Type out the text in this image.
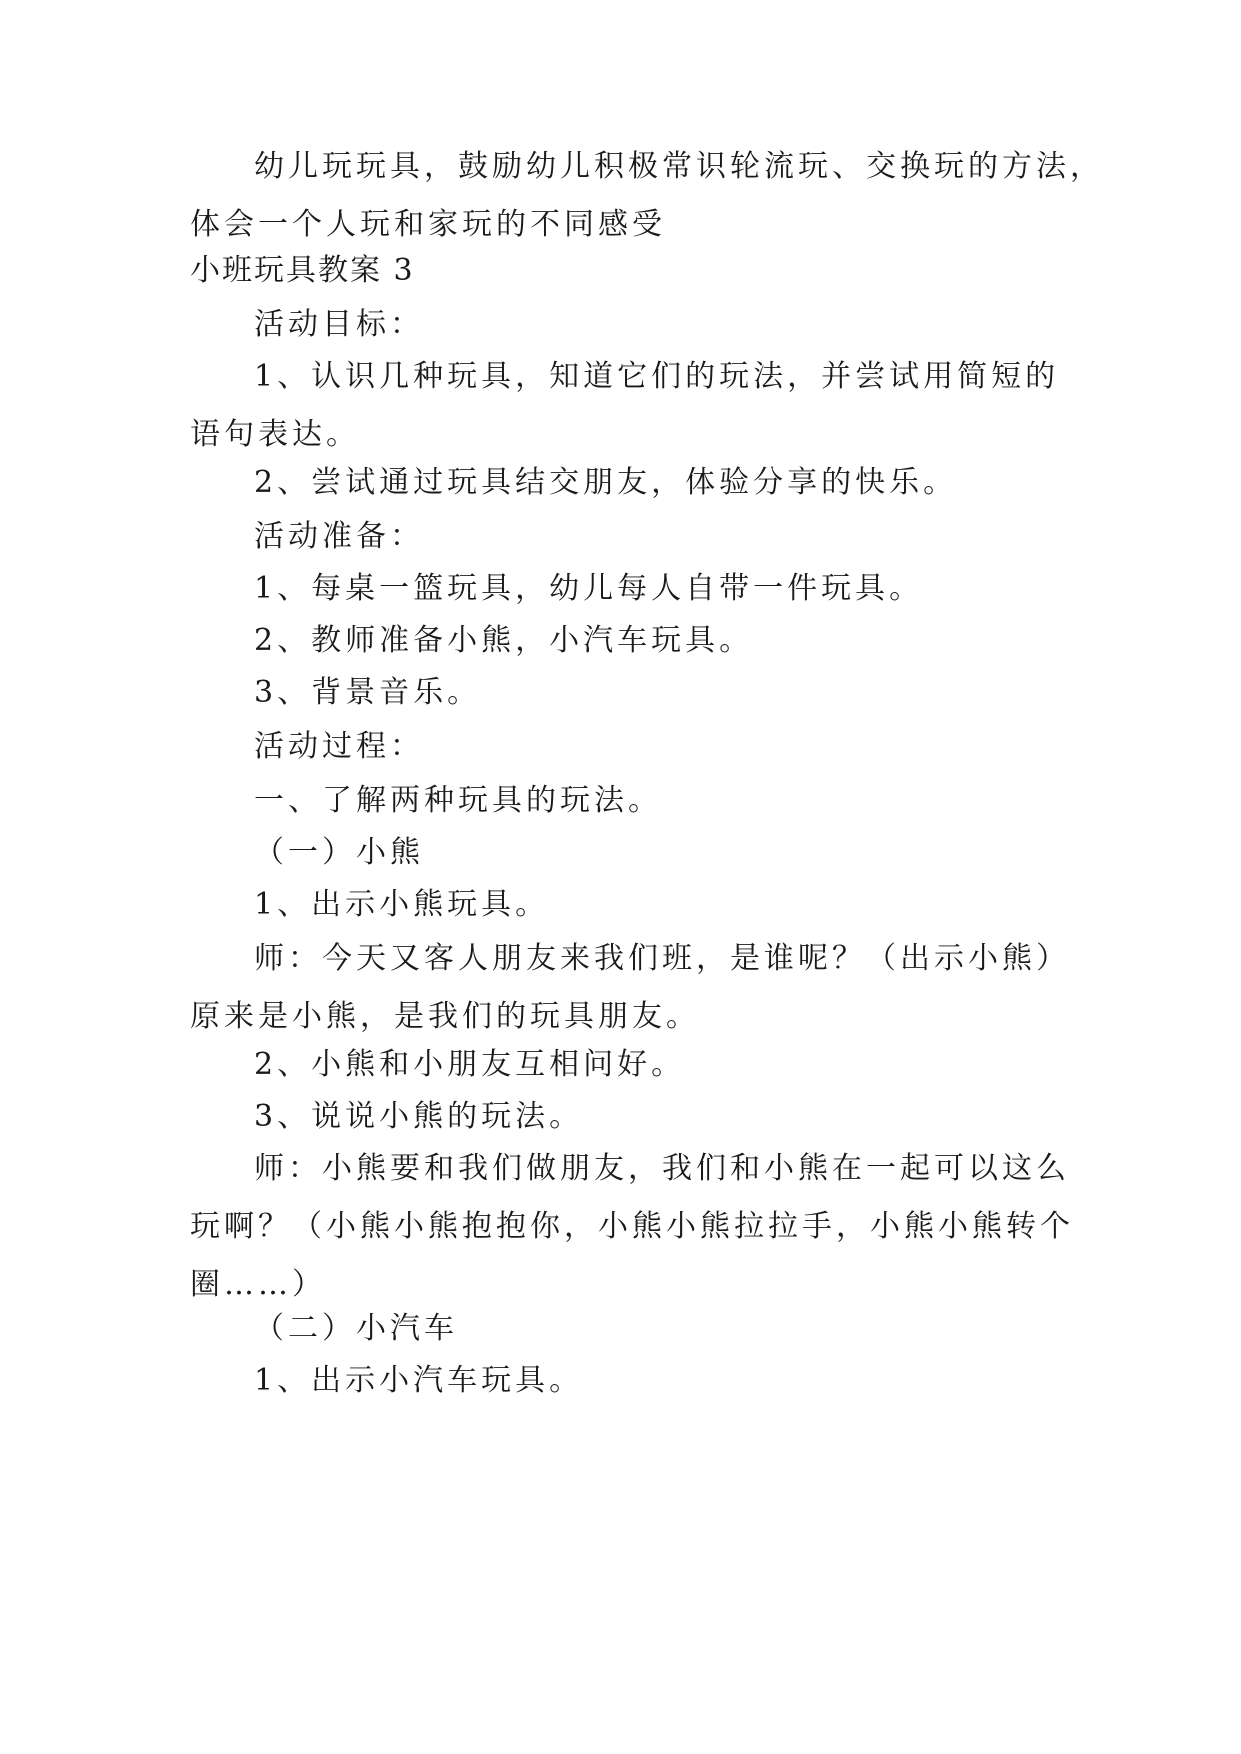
幼儿玩玩具，鼓励幼儿积极常识轮流玩、交换玩的方法，
体会一个人玩和家玩的不同感受

小班玩具教案 3

活动目标：

1、认识几种玩具，知道它们的玩法，并尝试用简短的
语句表达。

2、尝试通过玩具结交朋友，体验分享的快乐。

活动准备：

1、每桌一篮玩具，幼儿每人自带一件玩具。

2、教师准备小熊，小汽车玩具。

3、背景音乐。

活动过程：

一、了解两种玩具的玩法。

（一）小熊

1、出示小熊玩具。

师：今天又客人朋友来我们班，是谁呢？（出示小熊）
原来是小熊，是我们的玩具朋友。

2、小熊和小朋友互相问好。

3、说说小熊的玩法。

师：小熊要和我们做朋友，我们和小熊在一起可以这么
玩啊？（小熊小熊抱抱你，小熊小熊拉拉手，小熊小熊转个
圈……）

（二）小汽车

1、出示小汽车玩具。
